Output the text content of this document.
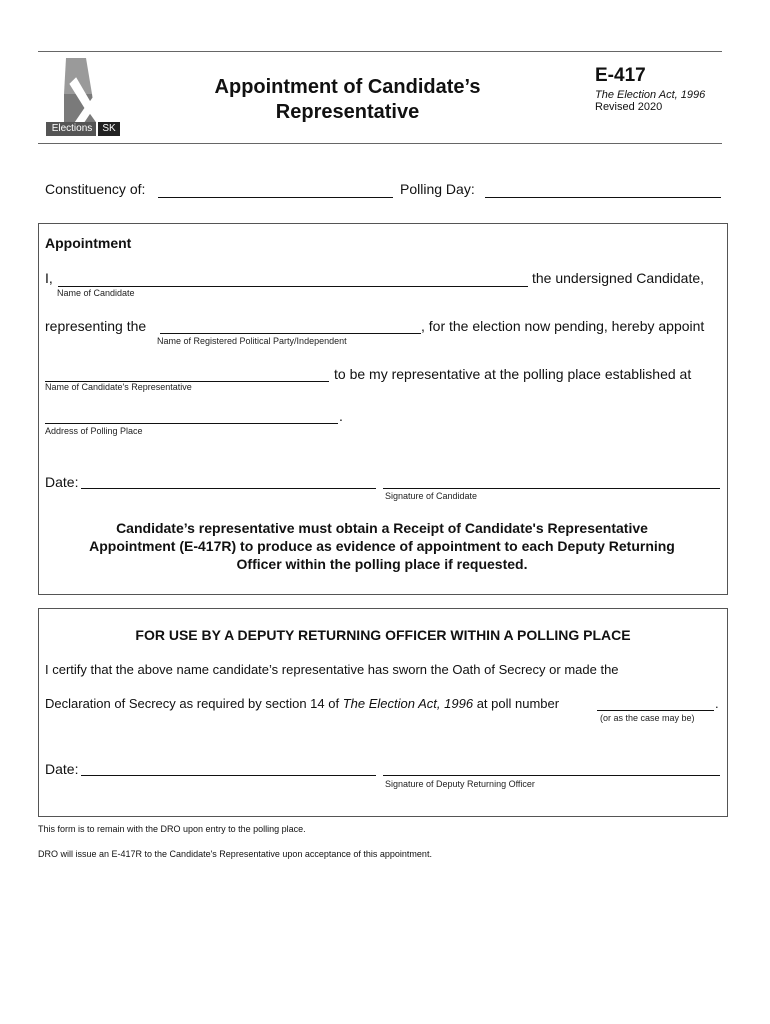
Elections	SK
Appointment of Candidate’s
Representative
E-417
The Election Act, 1996
Revised 2020
Constituency of:	Polling Day:
Appointment
I,	the undersigned Candidate,
Name of Candidate
representing the	, for the election now pending, hereby appoint
Name of Registered Political Party/Independent
to be my representative at the polling place established at
Name of Candidate's Representative
.
Address of Polling Place
Date:
Signature of Candidate
Candidate’s representative must obtain a Receipt of Candidate's Representative
Appointment (E-417R) to produce as evidence of appointment to each Deputy Returning
Officer within the polling place if requested.
FOR USE BY A DEPUTY RETURNING OFFICER WITHIN A POLLING PLACE
I certify that the above name candidate’s representative has sworn the Oath of Secrecy or made the
Declaration of Secrecy as required by section 14 of The Election Act, 1996 at poll number	.
(or as the case may be)
Date:
Signature of Deputy Returning Officer
This form is to remain with the DRO upon entry to the polling place.
DRO will issue an E-417R to the Candidate's Representative upon acceptance of this appointment.
